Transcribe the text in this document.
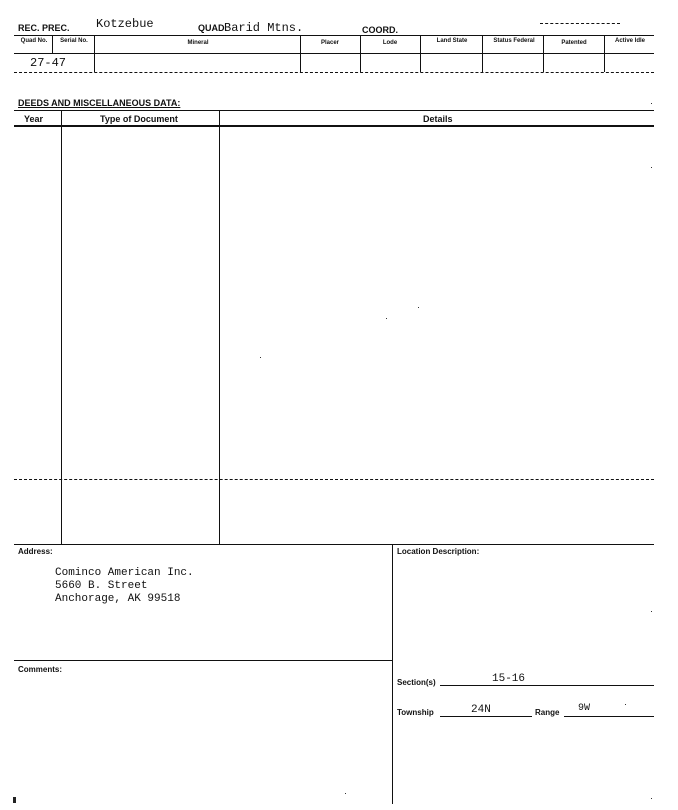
REC. PREC. Kotzebue	QUAD.
Barid Mtns.	COORD.
Quad No.	Serial No.	Mineral	Placer	Lode	Land State	Status Federal	Patented	Active Idle
27-47
DEEDS AND MISCELLANEOUS DATA:
Year	Type of Document	Details
Address:
Cominco American Inc.
5660 B. Street
Anchorage, AK 99518
Location Description:
Comments:
Section(s)	15-16
Township	24N	Range 9W
